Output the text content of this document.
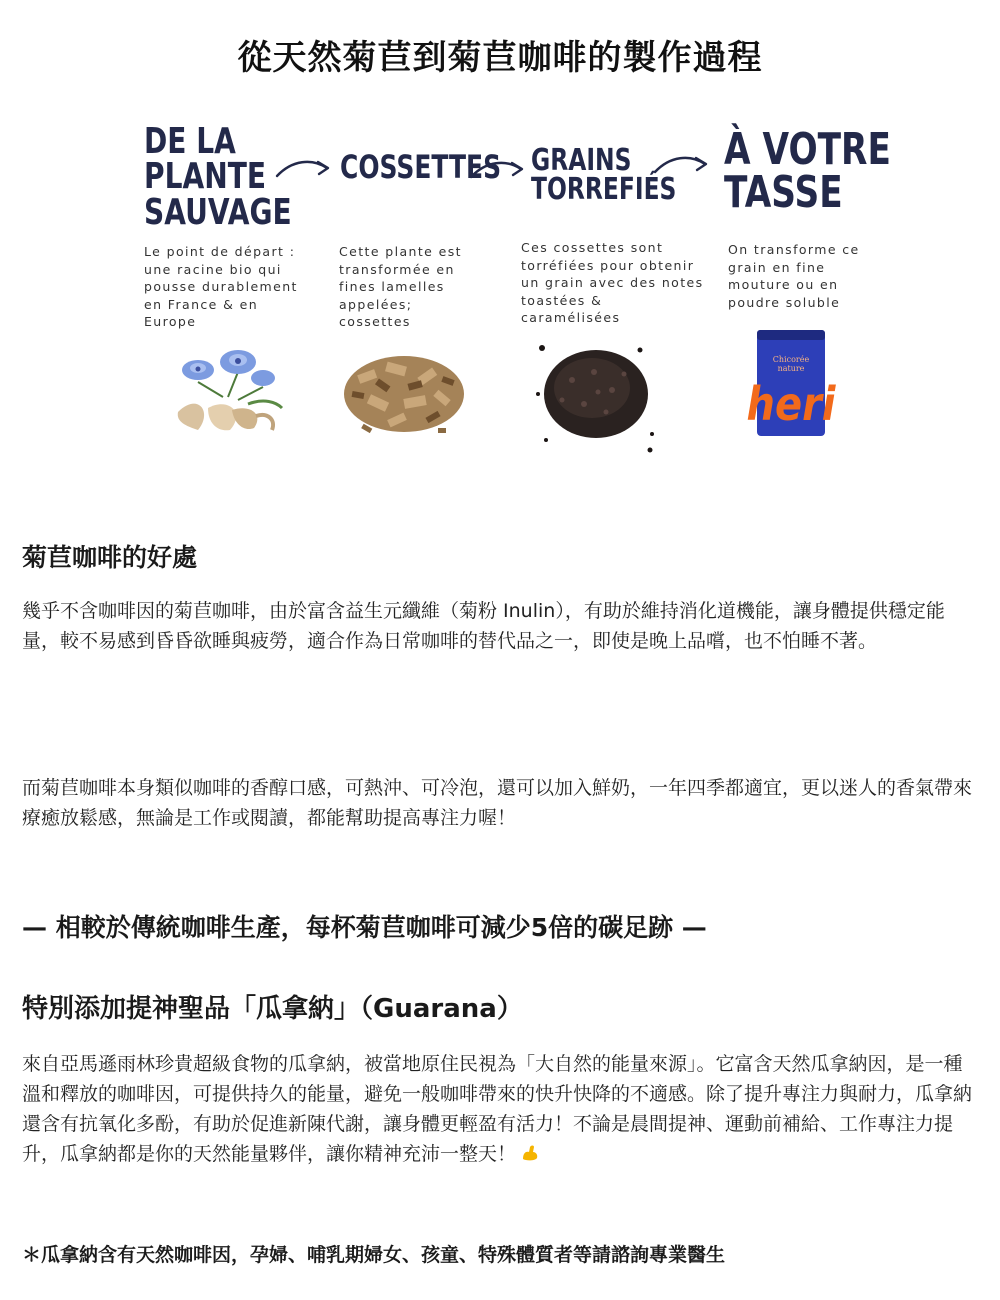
從天然菊苣到菊苣咖啡的製作過程
DE LA
PLANTE
SAUVAGE
COSSETTES GRAINS
TORREFIÉS
À VOTRE
TASSE

Le point de départ : une racine bio qui pousse durablement en France & en Europe

Cette plante est transformée en fines lamelles appelées; cossettes

Ces cossettes sont torréfiées pour obtenir un grain avec des notes toastées & caramélisées

On transforme ce grain en fine mouture ou en poudre soluble

Chicorée
nature
heri
菊苣咖啡的好處

幾乎不含咖啡因的菊苣咖啡，由於富含益生元纖維（菊粉 Inulin），有助於維持消化道機能，讓身體提供穩定能量，較不易感到昏昏欲睡與疲勞，適合作為日常咖啡的替代品之一，即使是晚上品嚐，也不怕睡不著。

而菊苣咖啡本身類似咖啡的香醇口感，可熱沖、可冷泡，還可以加入鮮奶，一年四季都適宜，更以迷人的香氣帶來療癒放鬆感，無論是工作或閱讀，都能幫助提高專注力喔！

— 相較於傳統咖啡生產，每杯菊苣咖啡可減少5倍的碳足跡 —
特別添加提神聖品「瓜拿納」（Guarana）

來自亞馬遜雨林珍貴超級食物的瓜拿納，被當地原住民視為「大自然的能量來源」。它富含天然瓜拿納因，是一種溫和釋放的咖啡因，可提供持久的能量，避免一般咖啡帶來的快升快降的不適感。除了提升專注力與耐力，瓜拿納還含有抗氧化多酚，有助於促進新陳代謝，讓身體更輕盈有活力！不論是晨間提神、運動前補給、工作專注力提升，瓜拿納都是你的天然能量夥伴，讓你精神充沛一整天！

＊瓜拿納含有天然咖啡因，孕婦、哺乳期婦女、孩童、特殊體質者等請諮詢專業醫生
